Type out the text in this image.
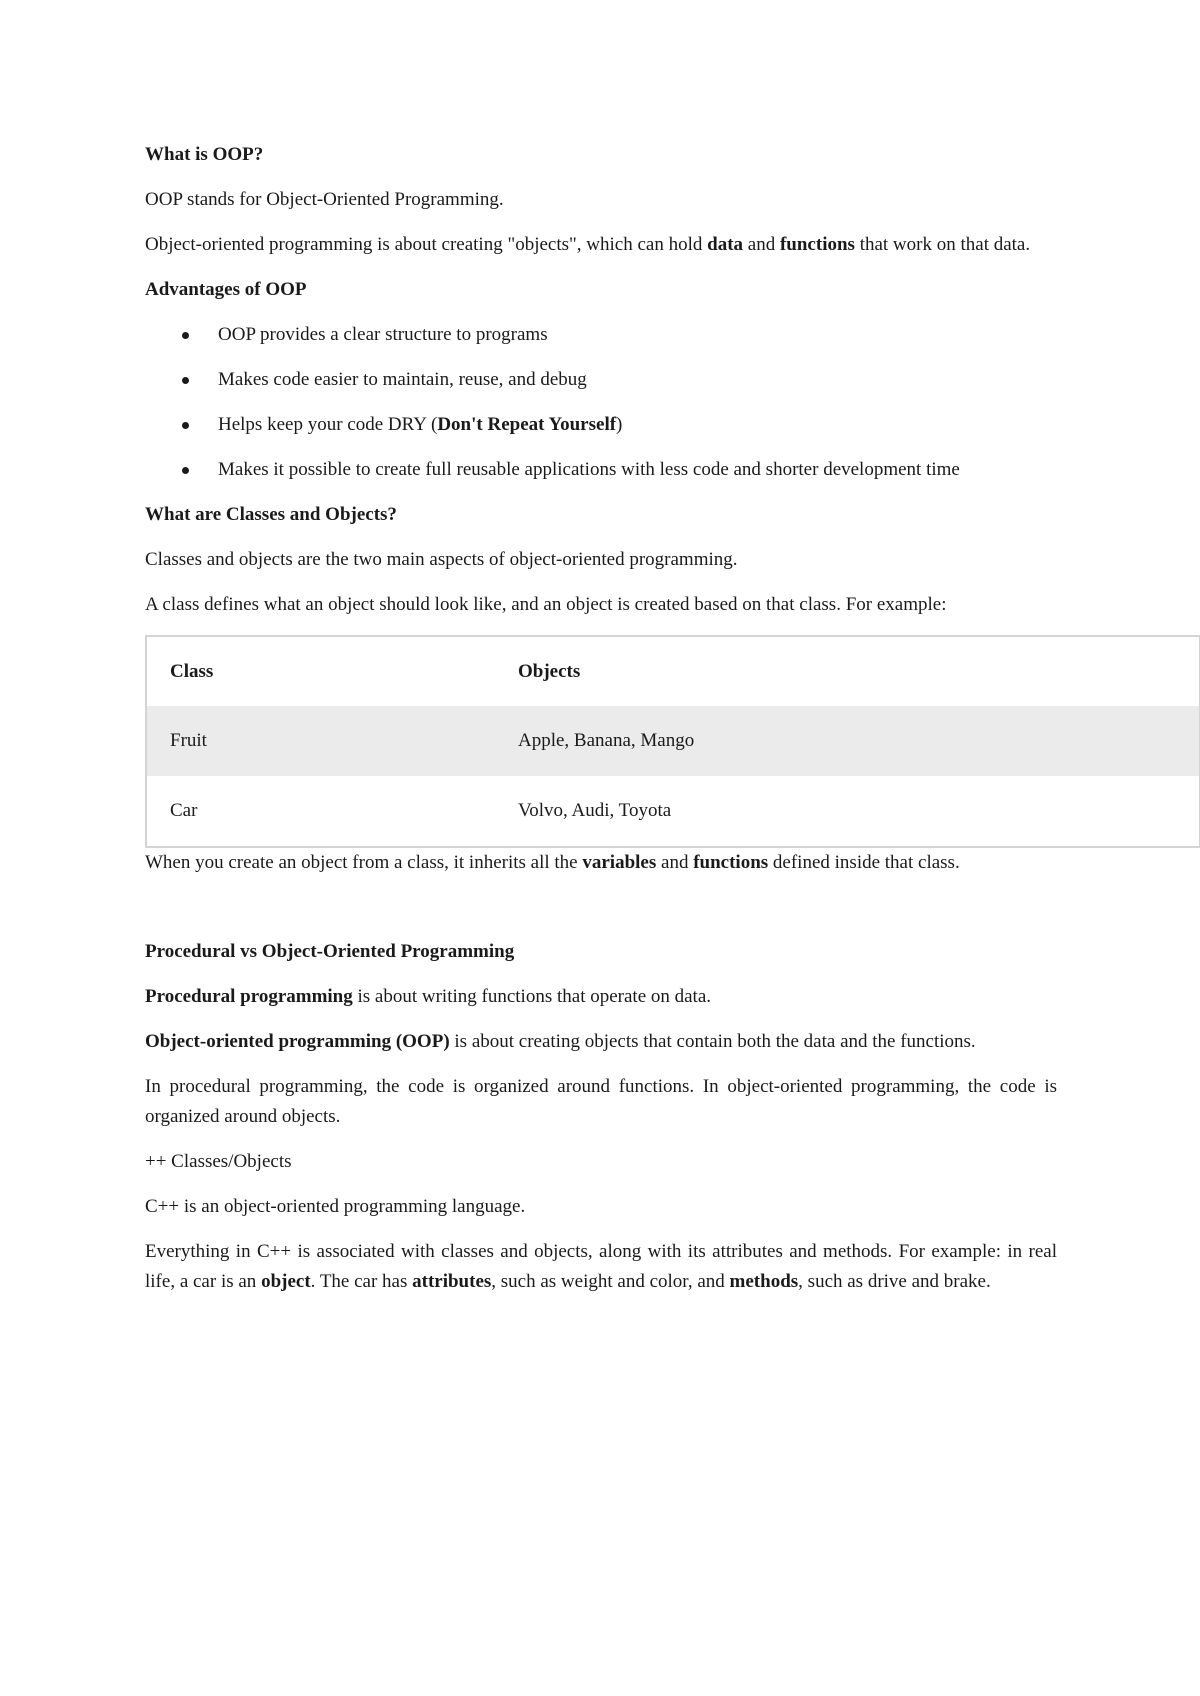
What is OOP?
OOP stands for Object-Oriented Programming.
Object-oriented programming is about creating "objects", which can hold data and functions that work on that data.
Advantages of OOP
OOP provides a clear structure to programs
Makes code easier to maintain, reuse, and debug
Helps keep your code DRY (Don't Repeat Yourself)
Makes it possible to create full reusable applications with less code and shorter development time
What are Classes and Objects?
Classes and objects are the two main aspects of object-oriented programming.
A class defines what an object should look like, and an object is created based on that class. For example:
Class	Objects
Fruit	Apple, Banana, Mango
Car	Volvo, Audi, Toyota
When you create an object from a class, it inherits all the variables and functions defined inside that class.
Procedural vs Object-Oriented Programming
Procedural programming is about writing functions that operate on data.
Object-oriented programming (OOP) is about creating objects that contain both the data and the functions.
In procedural programming, the code is organized around functions. In object-oriented programming, the code is organized around objects.
++ Classes/Objects
C++ is an object-oriented programming language.
Everything in C++ is associated with classes and objects, along with its attributes and methods. For example: in real life, a car is an object. The car has attributes, such as weight and color, and methods, such as drive and brake.
